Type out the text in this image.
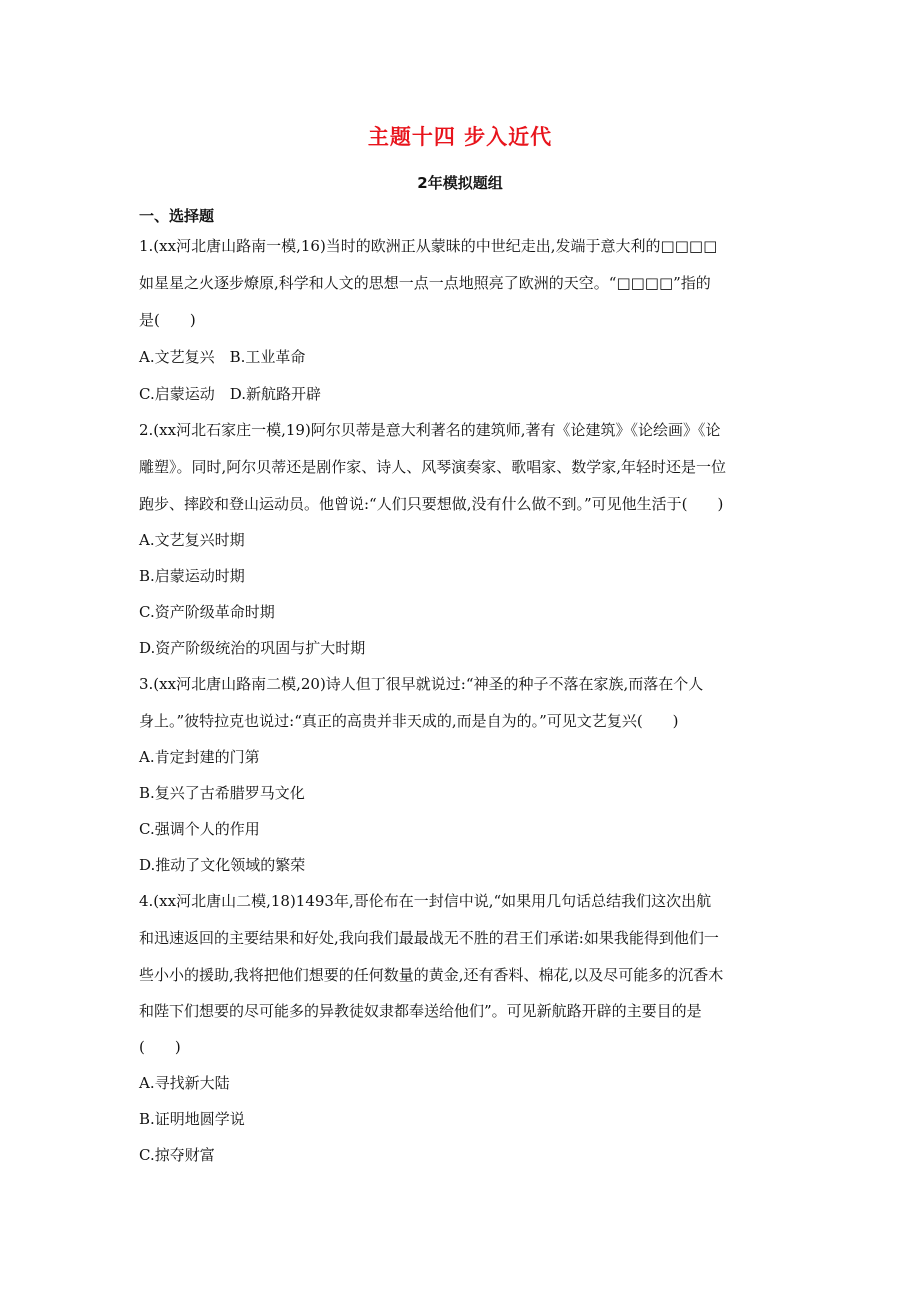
主题十四 步入近代
2年模拟题组
一、选择题
1.(xx河北唐山路南一模,16)当时的欧洲正从蒙昧的中世纪走出,发端于意大利的□□□□
如星星之火逐步燎原,科学和人文的思想一点一点地照亮了欧洲的天空。“□□□□”指的
是(　　)
A.文艺复兴　B.工业革命
C.启蒙运动　D.新航路开辟
2.(xx河北石家庄一模,19)阿尔贝蒂是意大利著名的建筑师,著有《论建筑》《论绘画》《论
雕塑》。同时,阿尔贝蒂还是剧作家、诗人、风琴演奏家、歌唱家、数学家,年轻时还是一位
跑步、摔跤和登山运动员。他曾说:“人们只要想做,没有什么做不到。”可见他生活于(　　)
A.文艺复兴时期
B.启蒙运动时期
C.资产阶级革命时期
D.资产阶级统治的巩固与扩大时期
3.(xx河北唐山路南二模,20)诗人但丁很早就说过:“神圣的种子不落在家族,而落在个人
身上。”彼特拉克也说过:“真正的高贵并非天成的,而是自为的。”可见文艺复兴(　　)
A.肯定封建的门第
B.复兴了古希腊罗马文化
C.强调个人的作用
D.推动了文化领域的繁荣
4.(xx河北唐山二模,18)1493年,哥伦布在一封信中说,“如果用几句话总结我们这次出航
和迅速返回的主要结果和好处,我向我们最最战无不胜的君王们承诺:如果我能得到他们一
些小小的援助,我将把他们想要的任何数量的黄金,还有香料、棉花,以及尽可能多的沉香木
和陛下们想要的尽可能多的异教徒奴隶都奉送给他们”。可见新航路开辟的主要目的是
(　　)
A.寻找新大陆
B.证明地圆学说
C.掠夺财富
